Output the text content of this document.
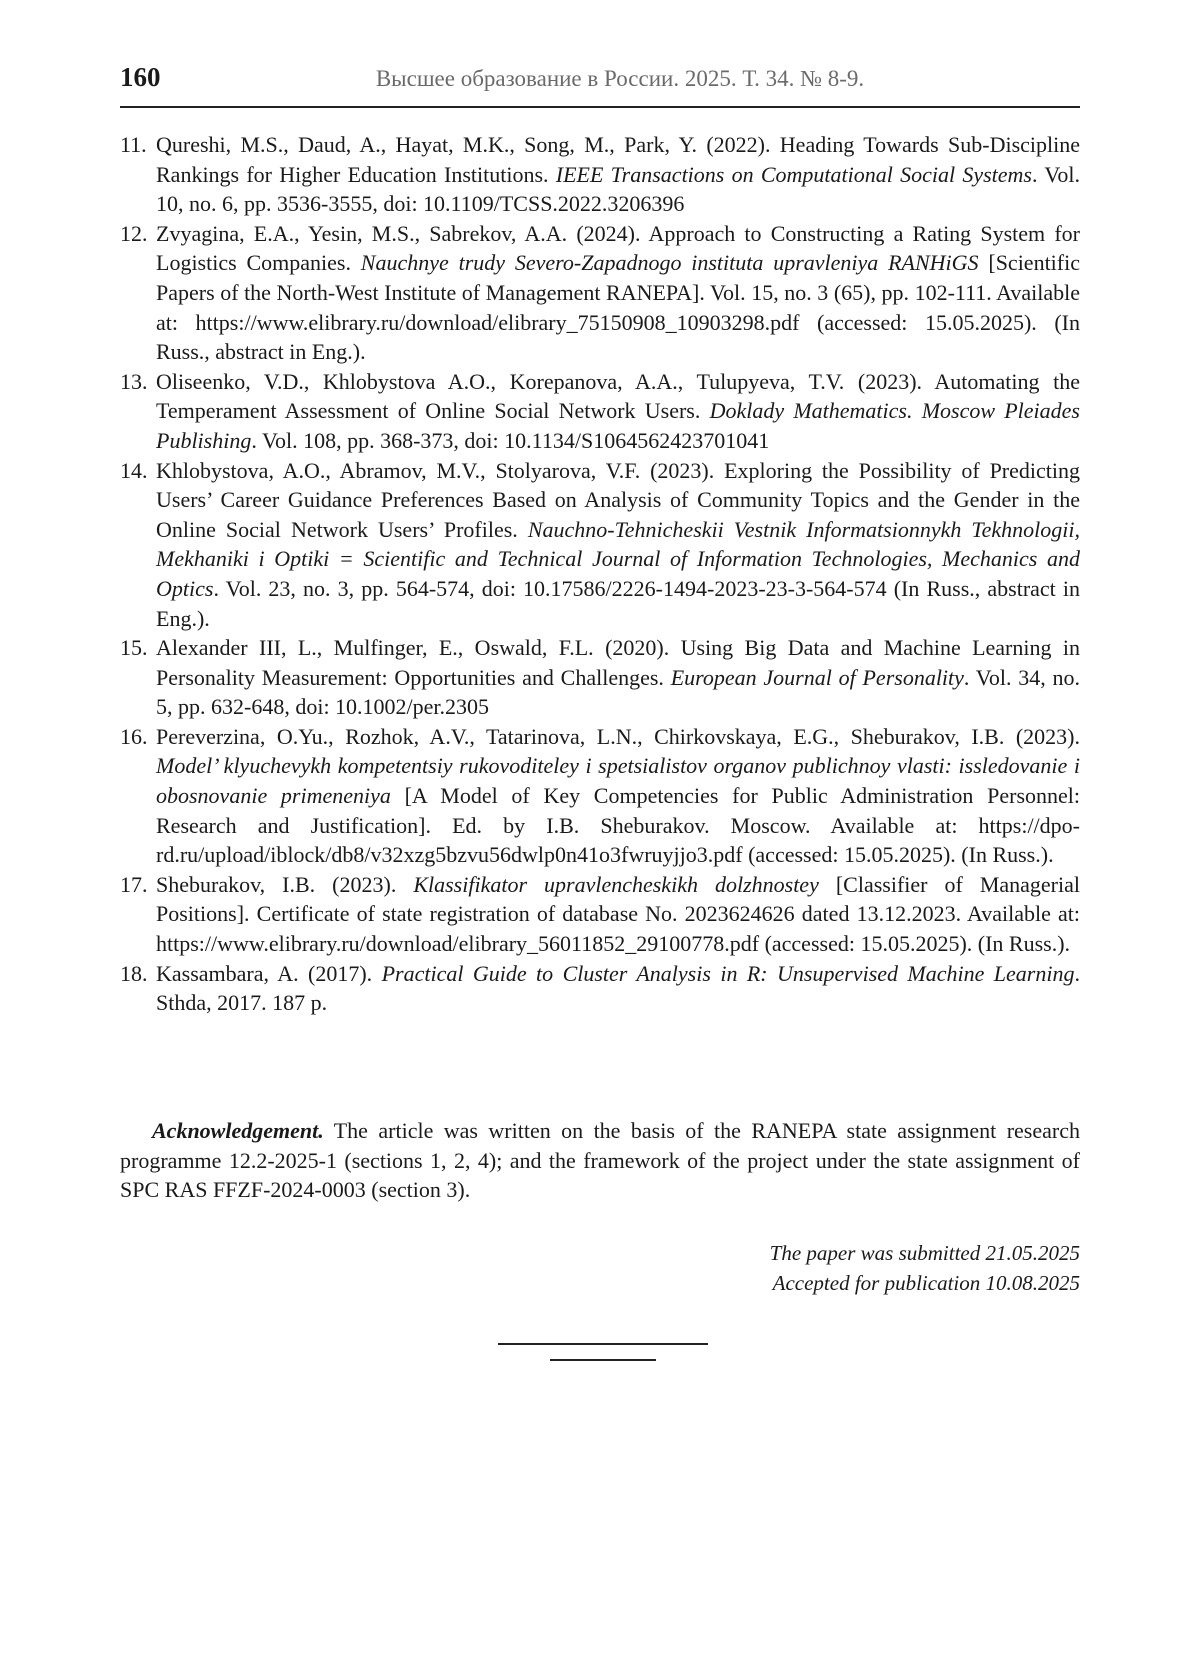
160	Высшее образование в России. 2025. Т. 34. № 8-9.
11. Qureshi, M.S., Daud, A., Hayat, M.K., Song, M., Park, Y. (2022). Heading Towards Sub-Discipline Rankings for Higher Education Institutions. IEEE Transactions on Computational Social Systems. Vol. 10, no. 6, pp. 3536-3555, doi: 10.1109/TCSS.2022.3206396
12. Zvyagina, E.A., Yesin, M.S., Sabrekov, A.A. (2024). Approach to Constructing a Rating System for Logistics Companies. Nauchnye trudy Severo-Zapadnogo instituta upravleniya RANHiGS [Scientific Papers of the North-West Institute of Management RANEPA]. Vol. 15, no. 3 (65), pp. 102-111. Available at: https://www.elibrary.ru/download/elibrary_75150908_10903298.pdf (accessed: 15.05.2025). (In Russ., abstract in Eng.).
13. Oliseenko, V.D., Khlobystova A.O., Korepanova, A.A., Tulupyeva, T.V. (2023). Automating the Temperament Assessment of Online Social Network Users. Doklady Mathematics. Moscow Pleiades Publishing. Vol. 108, pp. 368-373, doi: 10.1134/S1064562423701041
14. Khlobystova, A.O., Abramov, M.V., Stolyarova, V.F. (2023). Exploring the Possibility of Predicting Users’ Career Guidance Preferences Based on Analysis of Community Topics and the Gender in the Online Social Network Users’ Profiles. Nauchno-Tehnicheskii Vestnik Informatsionnykh Tekhnologii, Mekhaniki i Optiki = Scientific and Technical Journal of Information Technologies, Mechanics and Optics. Vol. 23, no. 3, pp. 564-574, doi: 10.17586/2226-1494-2023-23-3-564-574 (In Russ., abstract in Eng.).
15. Alexander III, L., Mulfinger, E., Oswald, F.L. (2020). Using Big Data and Machine Learning in Personality Measurement: Opportunities and Challenges. European Journal of Personality. Vol. 34, no. 5, pp. 632-648, doi: 10.1002/per.2305
16. Pereverzina, O.Yu., Rozhok, A.V., Tatarinova, L.N., Chirkovskaya, E.G., Sheburakov, I.B. (2023). Model’ klyuchevykh kompetentsiy rukovoditeley i spetsialistov organov publichnoy vlasti: issledovanie i obosnovanie primeneniya [A Model of Key Competencies for Public Administration Personnel: Research and Justification]. Ed. by I.B. Sheburakov. Moscow. Available at: https://dpo-rd.ru/upload/iblock/db8/v32xzg5bzvu56dwlp0n41o3fwruyjjo3.pdf (accessed: 15.05.2025). (In Russ.).
17. Sheburakov, I.B. (2023). Klassifikator upravlencheskikh dolzhnostey [Classifier of Managerial Positions]. Certificate of state registration of database No. 2023624626 dated 13.12.2023. Available at: https://www.elibrary.ru/download/elibrary_56011852_29100778.pdf (accessed: 15.05.2025). (In Russ.).
18. Kassambara, A. (2017). Practical Guide to Cluster Analysis in R: Unsupervised Machine Learning. Sthda, 2017. 187 p.

Acknowledgement. The article was written on the basis of the RANEPA state assignment research programme 12.2-2025-1 (sections 1, 2, 4); and the framework of the project under the state assignment of SPC RAS FFZF-2024-0003 (section 3).

The paper was submitted 21.05.2025
Accepted for publication 10.08.2025
